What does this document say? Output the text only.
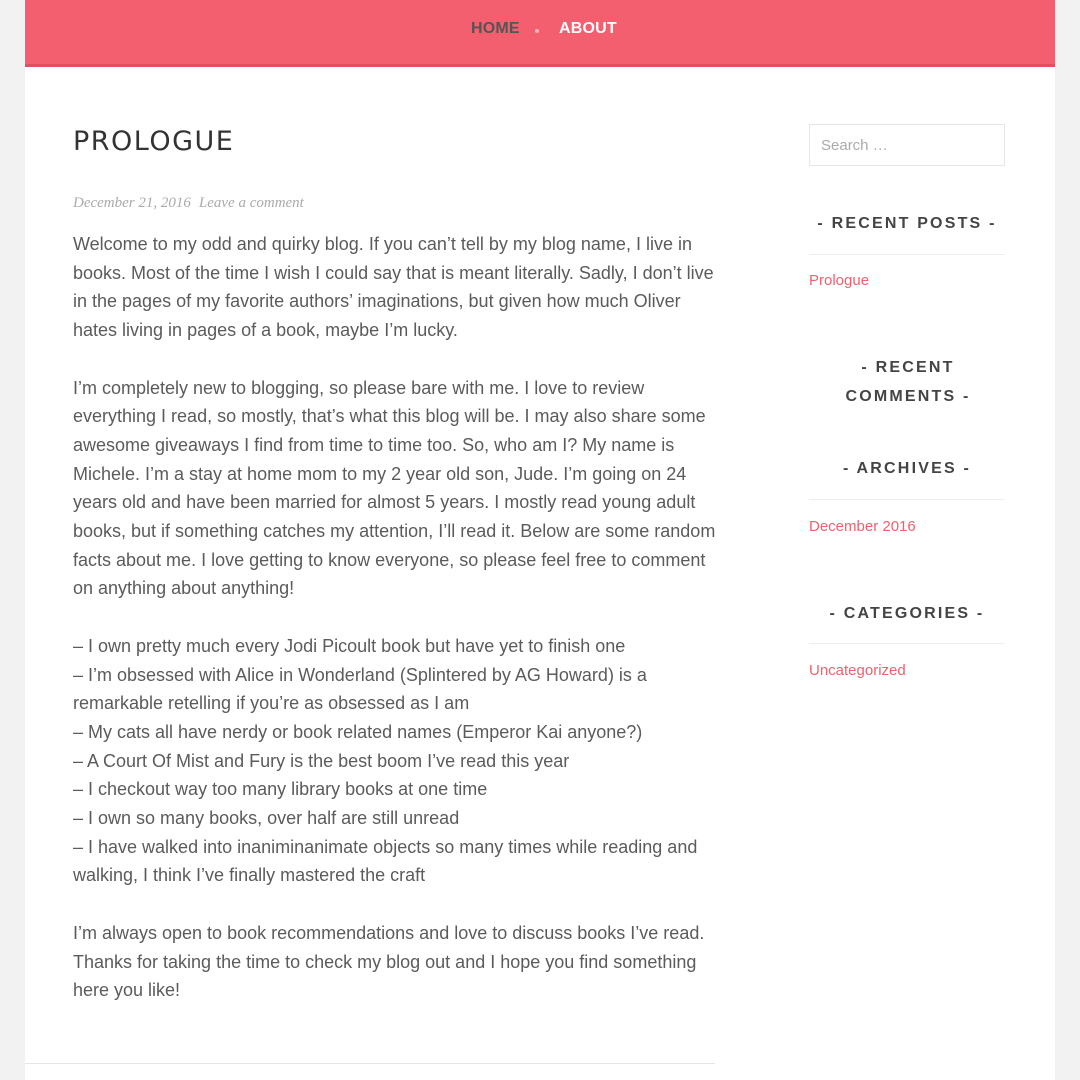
HOME ABOUT
PROLOGUE
December 21, 2016 Leave a comment

Welcome to my odd and quirky blog. If you can’t tell by my blog name, I live in books. Most of the time I wish I could say that is meant literally. Sadly, I don’t live in the pages of my favorite authors’ imaginations, but given how much Oliver hates living in pages of a book, maybe I’m lucky.

I’m completely new to blogging, so please bare with me. I love to review everything I read, so mostly, that’s what this blog will be. I may also share some awesome giveaways I find from time to time too. So, who am I? My name is Michele. I’m a stay at home mom to my 2 year old son, Jude. I’m going on 24 years old and have been married for almost 5 years. I mostly read young adult books, but if something catches my attention, I’ll read it. Below are some random facts about me. I love getting to know everyone, so please feel free to comment on anything about anything!

– I own pretty much every Jodi Picoult book but have yet to finish one
– I’m obsessed with Alice in Wonderland (Splintered by AG Howard) is a remarkable retelling if you’re as obsessed as I am
– My cats all have nerdy or book related names (Emperor Kai anyone?)
– A Court Of Mist and Fury is the best boom I’ve read this year
– I checkout way too many library books at one time
– I own so many books, over half are still unread
– I have walked into inaniminanimate objects so many times while reading and walking, I think I’ve finally mastered the craft

I’m always open to book recommendations and love to discuss books I’ve read. Thanks for taking the time to check my blog out and I hope you find something here you like!

Search …
- RECENT POSTS -
Prologue
- RECENT COMMENTS -
- ARCHIVES -
December 2016
- CATEGORIES -
Uncategorized
